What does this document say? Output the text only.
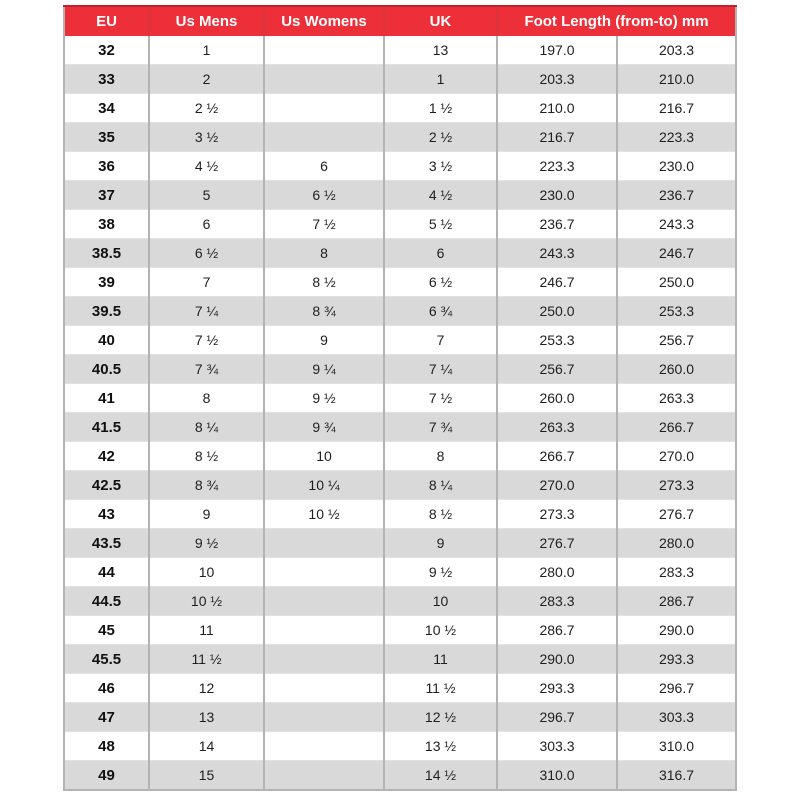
EU	Us Mens	Us Womens	UK	Foot Length (from-to) mm	
32	1		13	197.0	203.3
33	2		1	203.3	210.0
34	2 ½		1 ½	210.0	216.7
35	3 ½		2 ½	216.7	223.3
36	4 ½	6	3 ½	223.3	230.0
37	5	6 ½	4 ½	230.0	236.7
38	6	7 ½	5 ½	236.7	243.3
38.5	6 ½	8	6	243.3	246.7
39	7	8 ½	6 ½	246.7	250.0
39.5	7 ¼	8 ¾	6 ¾	250.0	253.3
40	7 ½	9	7	253.3	256.7
40.5	7 ¾	9 ¼	7 ¼	256.7	260.0
41	8	9 ½	7 ½	260.0	263.3
41.5	8 ¼	9 ¾	7 ¾	263.3	266.7
42	8 ½	10	8	266.7	270.0
42.5	8 ¾	10 ¼	8 ¼	270.0	273.3
43	9	10 ½	8 ½	273.3	276.7
43.5	9 ½		9	276.7	280.0
44	10		9 ½	280.0	283.3
44.5	10 ½		10	283.3	286.7
45	11		10 ½	286.7	290.0
45.5	11 ½		11	290.0	293.3
46	12		11 ½	293.3	296.7
47	13		12 ½	296.7	303.3
48	14		13 ½	303.3	310.0
49	15		14 ½	310.0	316.7
